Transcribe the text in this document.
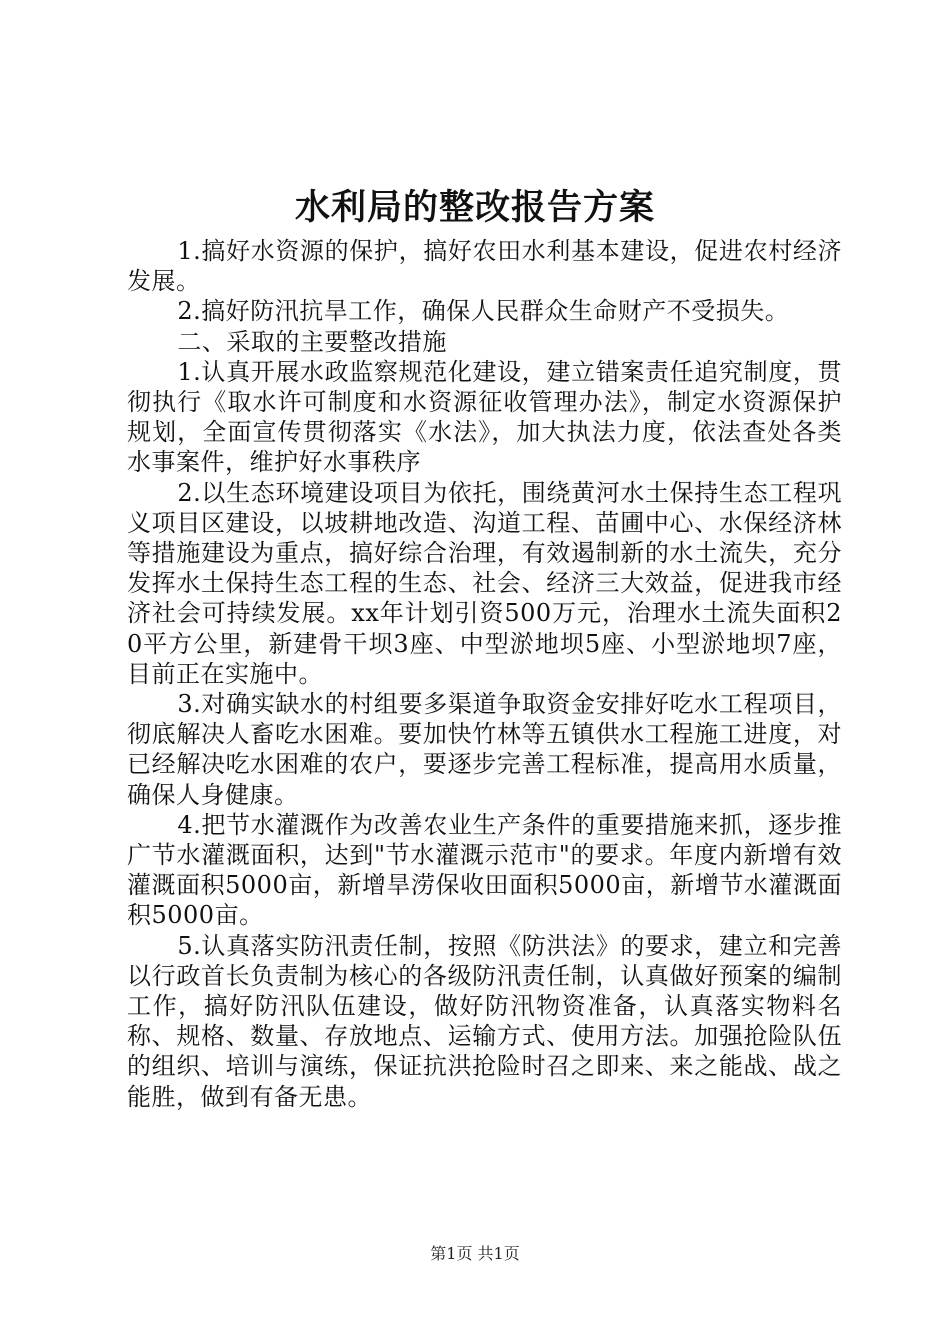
水利局的整改报告方案

1.搞好水资源的保护，搞好农田水利基本建设，促进农村经济发展。

2.搞好防汛抗旱工作，确保人民群众生命财产不受损失。

二、采取的主要整改措施

1.认真开展水政监察规范化建设，建立错案责任追究制度，贯彻执行《取水许可制度和水资源征收管理办法》，制定水资源保护规划，全面宣传贯彻落实《水法》，加大执法力度，依法查处各类水事案件，维护好水事秩序

2.以生态环境建设项目为依托，围绕黄河水土保持生态工程巩义项目区建设，以坡耕地改造、沟道工程、苗圃中心、水保经济林等措施建设为重点，搞好综合治理，有效遏制新的水土流失，充分发挥水土保持生态工程的生态、社会、经济三大效益，促进我市经济社会可持续发展。xx年计划引资500万元，治理水土流失面积20平方公里，新建骨干坝3座、中型淤地坝5座、小型淤地坝7座，目前正在实施中。

3.对确实缺水的村组要多渠道争取资金安排好吃水工程项目，彻底解决人畜吃水困难。要加快竹林等五镇供水工程施工进度，对已经解决吃水困难的农户，要逐步完善工程标准，提高用水质量，确保人身健康。

4.把节水灌溉作为改善农业生产条件的重要措施来抓，逐步推广节水灌溉面积，达到"节水灌溉示范市"的要求。年度内新增有效灌溉面积5000亩，新增旱涝保收田面积5000亩，新增节水灌溉面积5000亩。

5.认真落实防汛责任制，按照《防洪法》的要求，建立和完善以行政首长负责制为核心的各级防汛责任制，认真做好预案的编制工作，搞好防汛队伍建设，做好防汛物资准备，认真落实物料名称、规格、数量、存放地点、运输方式、使用方法。加强抢险队伍的组织、培训与演练，保证抗洪抢险时召之即来、来之能战、战之能胜，做到有备无患。

第1页 共1页
